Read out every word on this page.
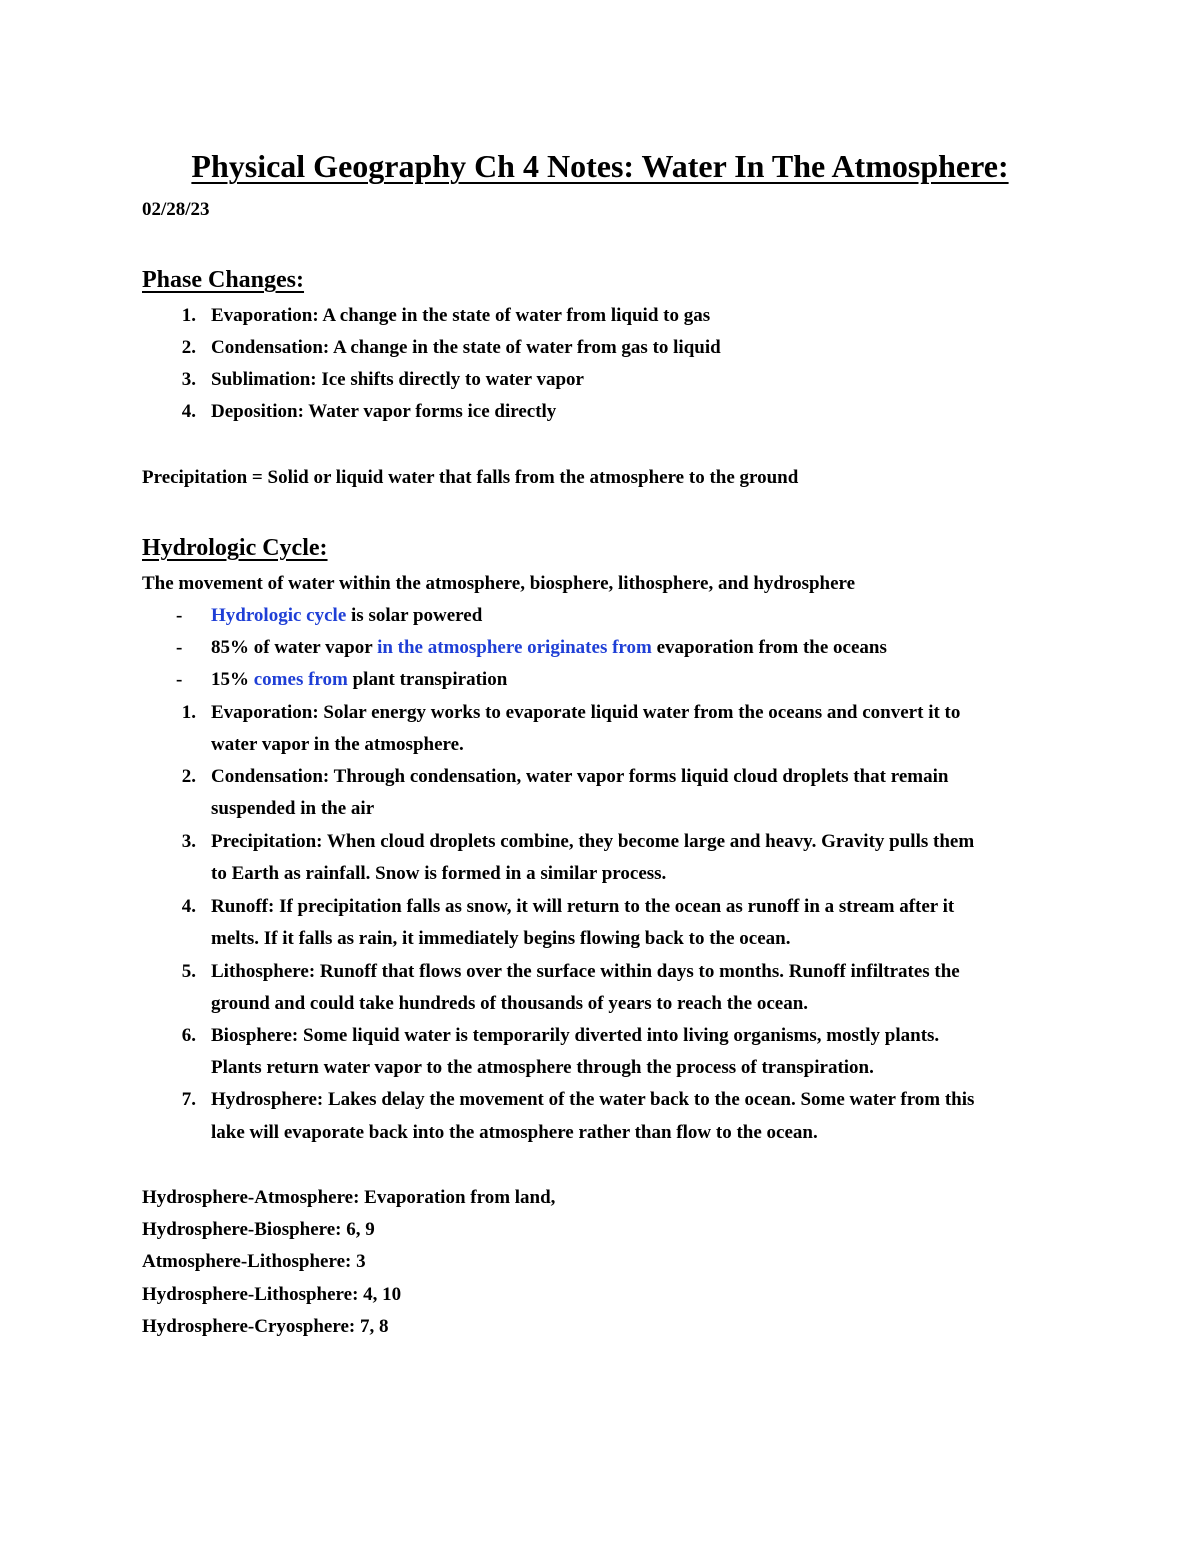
Physical Geography Ch 4 Notes: Water In The Atmosphere:
02/28/23
Phase Changes:
1. Evaporation: A change in the state of water from liquid to gas
2. Condensation: A change in the state of water from gas to liquid
3. Sublimation: Ice shifts directly to water vapor
4. Deposition: Water vapor forms ice directly
Precipitation = Solid or liquid water that falls from the atmosphere to the ground
Hydrologic Cycle:
The movement of water within the atmosphere, biosphere, lithosphere, and hydrosphere
- Hydrologic cycle is solar powered
- 85% of water vapor in the atmosphere originates from evaporation from the oceans
- 15% comes from plant transpiration
1. Evaporation: Solar energy works to evaporate liquid water from the oceans and convert it to
water vapor in the atmosphere.
2. Condensation: Through condensation, water vapor forms liquid cloud droplets that remain
suspended in the air
3. Precipitation: When cloud droplets combine, they become large and heavy. Gravity pulls them
to Earth as rainfall. Snow is formed in a similar process.
4. Runoff: If precipitation falls as snow, it will return to the ocean as runoff in a stream after it
melts. If it falls as rain, it immediately begins flowing back to the ocean.
5. Lithosphere: Runoff that flows over the surface within days to months. Runoff infiltrates the
ground and could take hundreds of thousands of years to reach the ocean.
6. Biosphere: Some liquid water is temporarily diverted into living organisms, mostly plants.
Plants return water vapor to the atmosphere through the process of transpiration.
7. Hydrosphere: Lakes delay the movement of the water back to the ocean. Some water from this
lake will evaporate back into the atmosphere rather than flow to the ocean.
Hydrosphere-Atmosphere: Evaporation from land,
Hydrosphere-Biosphere: 6, 9
Atmosphere-Lithosphere: 3
Hydrosphere-Lithosphere: 4, 10
Hydrosphere-Cryosphere: 7, 8
